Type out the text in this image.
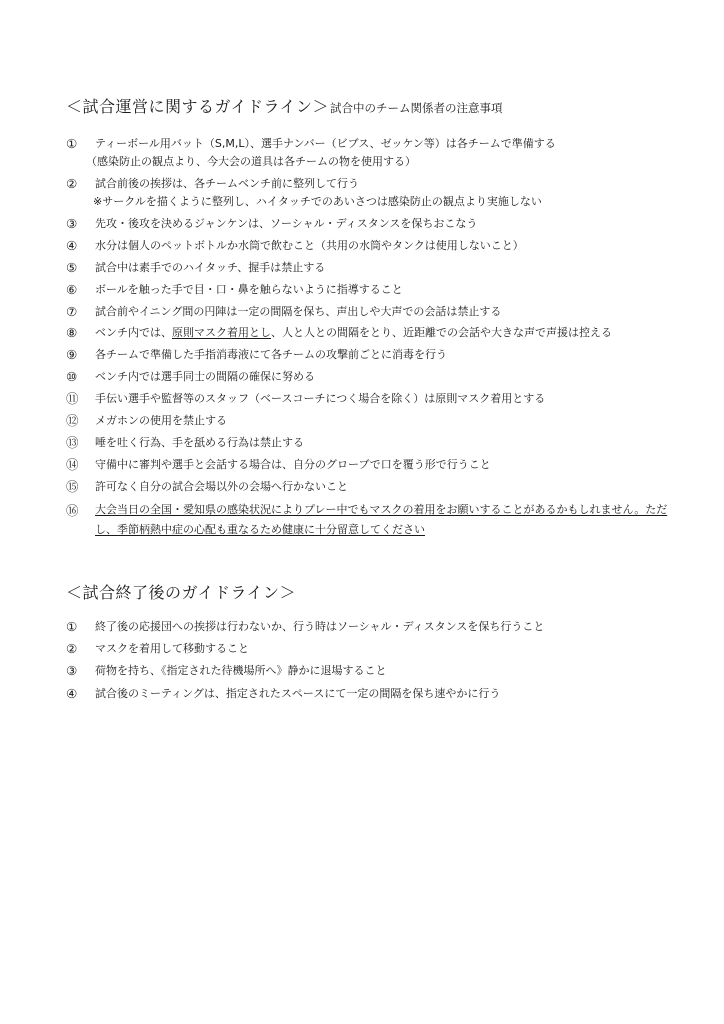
＜試合運営に関するガイドライン＞ 試合中のチーム関係者の注意事項
①	ティーボール用バット（S,M,L）、選手ナンバー（ビブス、ゼッケン等）は各チームで準備する
（感染防止の観点より、今大会の道具は各チームの物を使用する）
②	試合前後の挨拶は、各チームベンチ前に整列して行う
※サークルを描くように整列し、ハイタッチでのあいさつは感染防止の観点より実施しない
③	先攻・後攻を決めるジャンケンは、ソーシャル・ディスタンスを保ちおこなう
④	水分は個人のペットボトルか水筒で飲むこと（共用の水筒やタンクは使用しないこと）
⑤	試合中は素手でのハイタッチ、握手は禁止する
⑥	ボールを触った手で目・口・鼻を触らないように指導すること
⑦	試合前やイニング間の円陣は一定の間隔を保ち、声出しや大声での会話は禁止する
⑧	ベンチ内では、原則マスク着用とし、人と人との間隔をとり、近距離での会話や大きな声で声援は控える
⑨	各チームで準備した手指消毒液にて各チームの攻撃前ごとに消毒を行う
⑩	ベンチ内では選手同士の間隔の確保に努める
⑪	手伝い選手や監督等のスタッフ（ベースコーチにつく場合を除く）は原則マスク着用とする
⑫	メガホンの使用を禁止する
⑬	唾を吐く行為、手を舐める行為は禁止する
⑭	守備中に審判や選手と会話する場合は、自分のグローブで口を覆う形で行うこと
⑮	許可なく自分の試合会場以外の会場へ行かないこと
⑯	大会当日の全国・愛知県の感染状況によりプレー中でもマスクの着用をお願いすることがあるかもしれません。ただし、季節柄熱中症の心配も重なるため健康に十分留意してください
＜試合終了後のガイドライン＞
①	終了後の応援団への挨拶は行わないか、行う時はソーシャル・ディスタンスを保ち行うこと
②	マスクを着用して移動すること
③	荷物を持ち、《指定された待機場所へ》静かに退場すること
④	試合後のミーティングは、指定されたスペースにて一定の間隔を保ち速やかに行う
